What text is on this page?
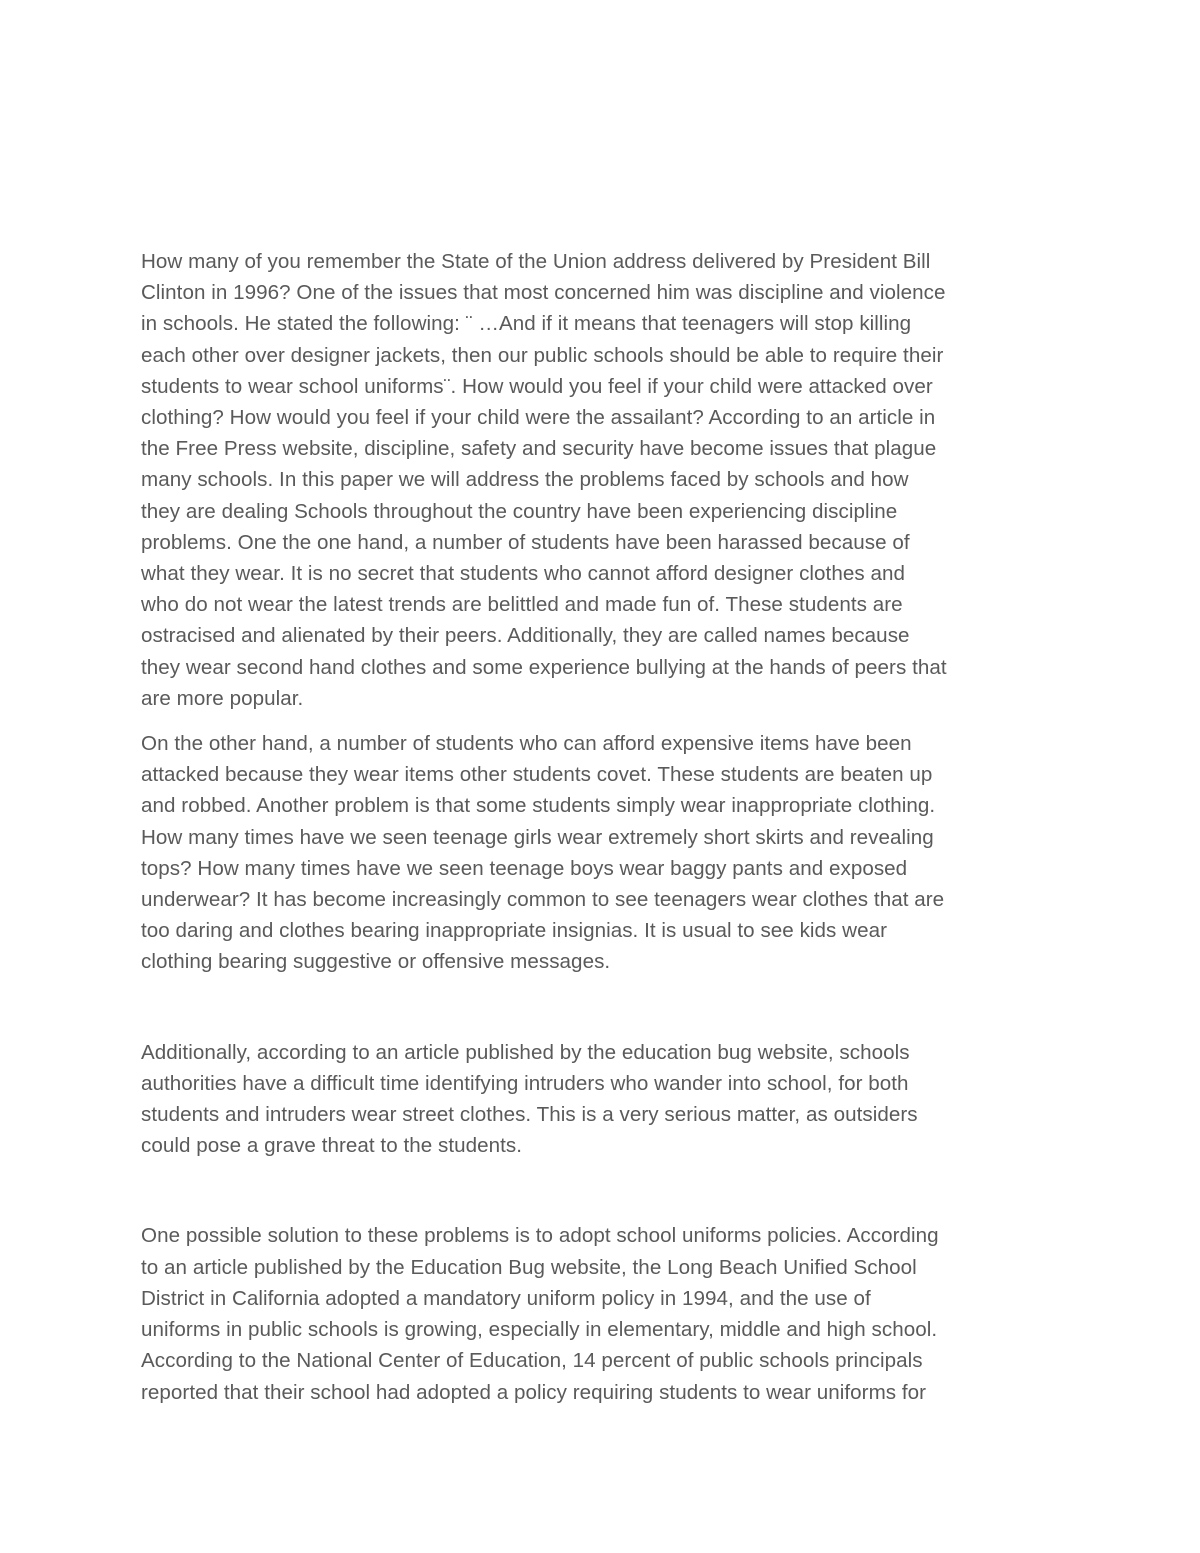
How many of you remember the State of the Union address delivered by President Bill
Clinton in 1996? One of the issues that most concerned him was discipline and violence
in schools. He stated the following: ¨ …And if it means that teenagers will stop killing
each other over designer jackets, then our public schools should be able to require their
students to wear school uniforms¨. How would you feel if your child were attacked over
clothing? How would you feel if your child were the assailant? According to an article in
the Free Press website, discipline, safety and security have become issues that plague
many schools. In this paper we will address the problems faced by schools and how
they are dealing Schools throughout the country have been experiencing discipline
problems. One the one hand, a number of students have been harassed because of
what they wear. It is no secret that students who cannot afford designer clothes and
who do not wear the latest trends are belittled and made fun of. These students are
ostracised and alienated by their peers. Additionally, they are called names because
they wear second hand clothes and some experience bullying at the hands of peers that
are more popular.
On the other hand, a number of students who can afford expensive items have been
attacked because they wear items other students covet. These students are beaten up
and robbed. Another problem is that some students simply wear inappropriate clothing.
How many times have we seen teenage girls wear extremely short skirts and revealing
tops? How many times have we seen teenage boys wear baggy pants and exposed
underwear? It has become increasingly common to see teenagers wear clothes that are
too daring and clothes bearing inappropriate insignias. It is usual to see kids wear
clothing bearing suggestive or offensive messages.
Additionally, according to an article published by the education bug website, schools
authorities have a difficult time identifying intruders who wander into school, for both
students and intruders wear street clothes. This is a very serious matter, as outsiders
could pose a grave threat to the students.
One possible solution to these problems is to adopt school uniforms policies. According
to an article published by the Education Bug website, the Long Beach Unified School
District in California adopted a mandatory uniform policy in 1994, and the use of
uniforms in public schools is growing, especially in elementary, middle and high school.
According to the National Center of Education, 14 percent of public schools principals
reported that their school had adopted a policy requiring students to wear uniforms for
